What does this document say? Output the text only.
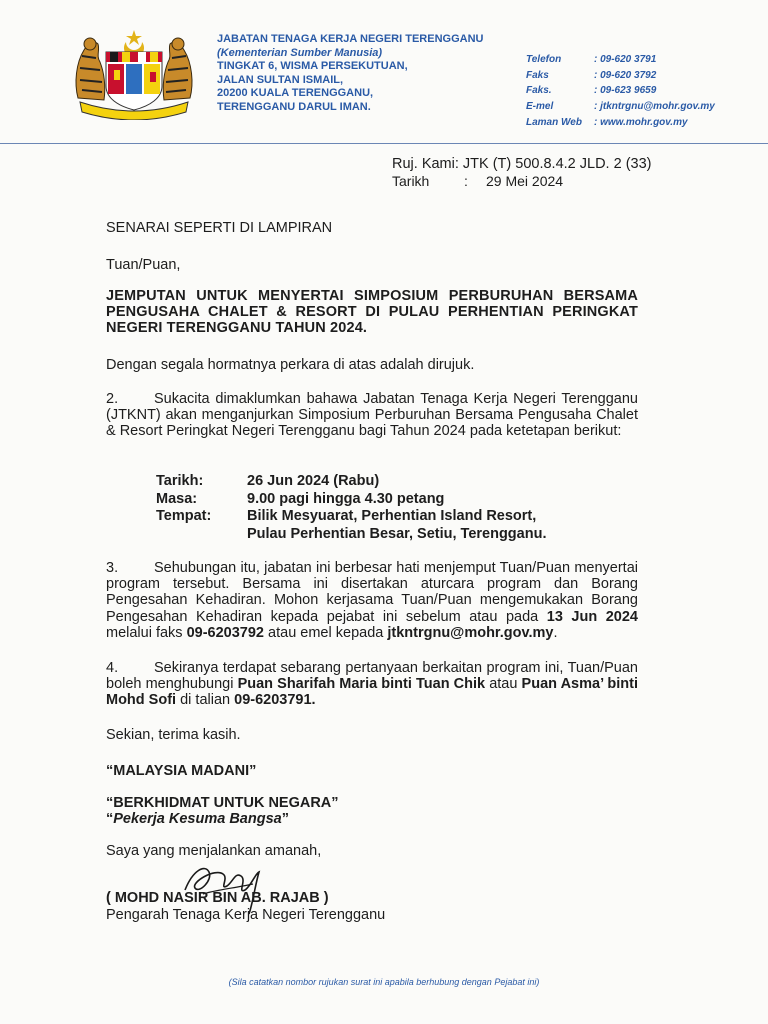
JABATAN TENAGA KERJA NEGERI TERENGGANU
(Kementerian Sumber Manusia)
TINGKAT 6, WISMA PERSEKUTUAN,
JALAN SULTAN ISMAIL,
20200 KUALA TERENGGANU,
TERENGGANU DARUL IMAN.
Telefon	: 09-620 3791
Faks	: 09-620 3792
Faks.	: 09-623 9659
E-mel	: jtkntrgnu@mohr.gov.my
Laman Web	: www.mohr.gov.my
Ruj. Kami: JTK (T) 500.8.4.2 JLD. 2 (33)
Tarikh	:	29 Mei 2024
SENARAI SEPERTI DI LAMPIRAN
Tuan/Puan,
JEMPUTAN UNTUK MENYERTAI SIMPOSIUM PERBURUHAN BERSAMA PENGUSAHA CHALET & RESORT DI PULAU PERHENTIAN PERINGKAT NEGERI TERENGGANU TAHUN 2024.
Dengan segala hormatnya perkara di atas adalah dirujuk.
2. Sukacita dimaklumkan bahawa Jabatan Tenaga Kerja Negeri Terengganu (JTKNT) akan menganjurkan Simposium Perburuhan Bersama Pengusaha Chalet & Resort Peringkat Negeri Terengganu bagi Tahun 2024 pada ketetapan berikut:
Tarikh:	26 Jun 2024 (Rabu)
Masa:	9.00 pagi hingga 4.30 petang
Tempat:	Bilik Mesyuarat, Perhentian Island Resort,
Pulau Perhentian Besar, Setiu, Terengganu.
3. Sehubungan itu, jabatan ini berbesar hati menjemput Tuan/Puan menyertai program tersebut. Bersama ini disertakan aturcara program dan Borang Pengesahan Kehadiran. Mohon kerjasama Tuan/Puan mengemukakan Borang Pengesahan Kehadiran kepada pejabat ini sebelum atau pada 13 Jun 2024 melalui faks 09-6203792 atau emel kepada jtkntrgnu@mohr.gov.my.
4. Sekiranya terdapat sebarang pertanyaan berkaitan program ini, Tuan/Puan boleh menghubungi Puan Sharifah Maria binti Tuan Chik atau Puan Asma’ binti Mohd Sofi di talian 09-6203791.
Sekian, terima kasih.
“MALAYSIA MADANI”
“BERKHIDMAT UNTUK NEGARA”
“Pekerja Kesuma Bangsa”
Saya yang menjalankan amanah,
( MOHD NASIR BIN AB. RAJAB )
Pengarah Tenaga Kerja Negeri Terengganu
(Sila catatkan nombor rujukan surat ini apabila berhubung dengan Pejabat ini)
